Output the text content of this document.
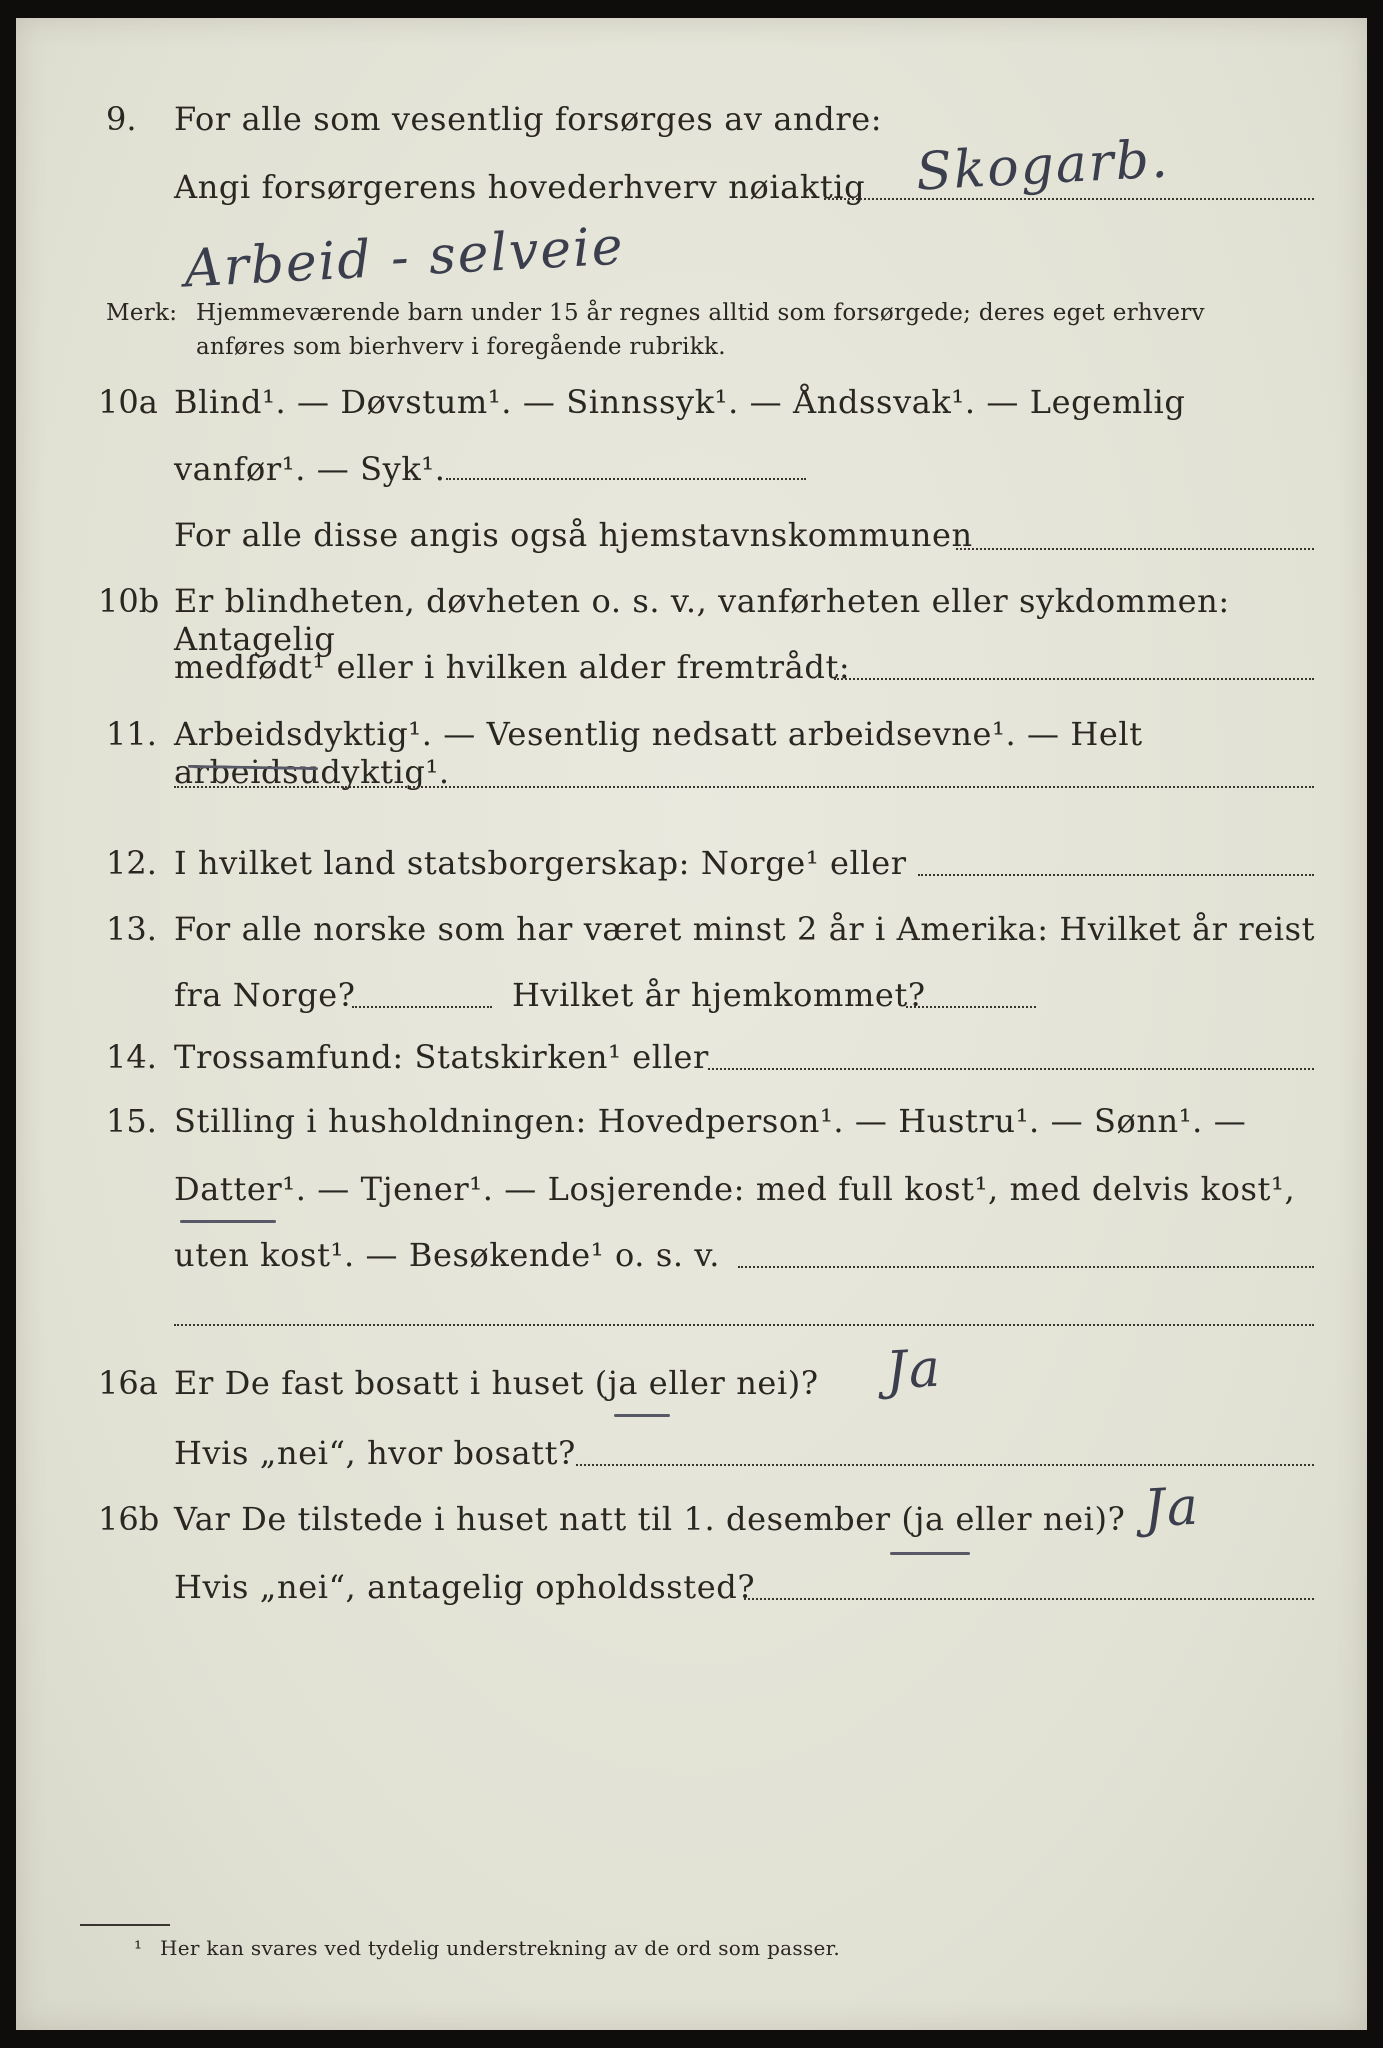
9. For alle som vesentlig forsørges av andre:
Angi forsørgerens hovederhverv nøiaktig Skogarb.
Arbeid - selveie
Merk: Hjemmeværende barn under 15 år regnes alltid som forsørgede; deres eget erhverv
anføres som bierhverv i foregående rubrikk.
10a Blind¹. — Døvstum¹. — Sinnssyk¹. — Åndssvak¹. — Legemlig
vanfør¹. — Syk¹.
For alle disse angis også hjemstavnskommunen
10b Er blindheten, døvheten o. s. v., vanførheten eller sykdommen: Antagelig
medfødt¹ eller i hvilken alder fremtrådt:
11. Arbeidsdyktig¹. — Vesentlig nedsatt arbeidsevne¹. — Helt arbeidsudyktig¹.
12. I hvilket land statsborgerskap: Norge¹ eller
13. For alle norske som har været minst 2 år i Amerika: Hvilket år reist
fra Norge?	Hvilket år hjemkommet?
14. Trossamfund: Statskirken¹ eller
15. Stilling i husholdningen: Hovedperson¹. — Hustru¹. — Sønn¹. —
Datter¹. — Tjener¹. — Losjerende: med full kost¹, med delvis kost¹,
uten kost¹. — Besøkende¹ o. s. v.
16a Er De fast bosatt i huset (ja eller nei)? Ja
Hvis „nei“, hvor bosatt?
16b Var De tilstede i huset natt til 1. desember (ja eller nei)? Ja
Hvis „nei“, antagelig opholdssted?
¹ Her kan svares ved tydelig understrekning av de ord som passer.
